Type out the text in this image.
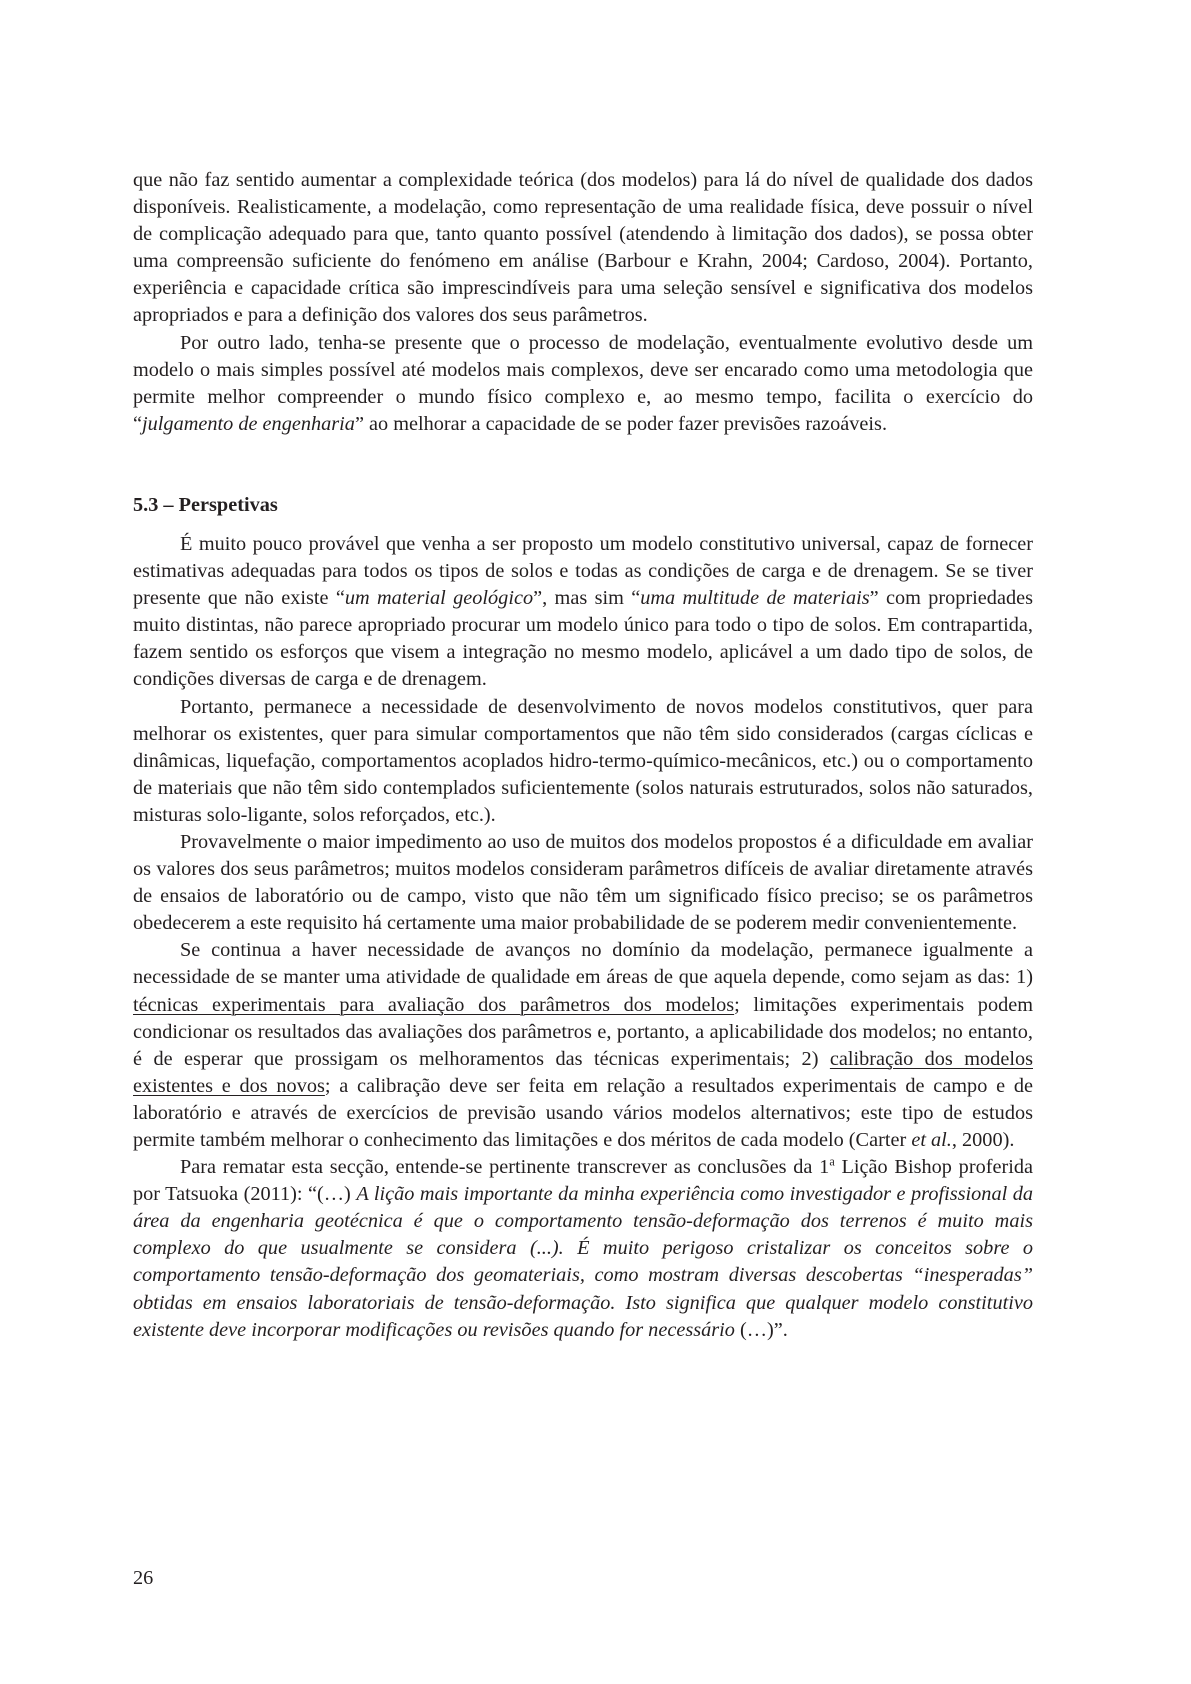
que não faz sentido aumentar a complexidade teórica (dos modelos) para lá do nível de qualidade dos dados disponíveis. Realisticamente, a modelação, como representação de uma realidade física, deve possuir o nível de complicação adequado para que, tanto quanto possível (atendendo à limitação dos dados), se possa obter uma compreensão suficiente do fenómeno em análise (Barbour e Krahn, 2004; Cardoso, 2004). Portanto, experiência e capacidade crítica são imprescindíveis para uma seleção sensível e significativa dos modelos apropriados e para a definição dos valores dos seus parâmetros.

Por outro lado, tenha-se presente que o processo de modelação, eventualmente evolutivo desde um modelo o mais simples possível até modelos mais complexos, deve ser encarado como uma metodologia que permite melhor compreender o mundo físico complexo e, ao mesmo tempo, facilita o exercício do “julgamento de engenharia” ao melhorar a capacidade de se poder fazer previsões razoáveis.

5.3 – Perspetivas

É muito pouco provável que venha a ser proposto um modelo constitutivo universal, capaz de fornecer estimativas adequadas para todos os tipos de solos e todas as condições de carga e de drenagem. Se se tiver presente que não existe “um material geológico”, mas sim “uma multitude de materiais” com propriedades muito distintas, não parece apropriado procurar um modelo único para todo o tipo de solos. Em contrapartida, fazem sentido os esforços que visem a integração no mesmo modelo, aplicável a um dado tipo de solos, de condições diversas de carga e de drenagem.

Portanto, permanece a necessidade de desenvolvimento de novos modelos constitutivos, quer para melhorar os existentes, quer para simular comportamentos que não têm sido considerados (cargas cíclicas e dinâmicas, liquefação, comportamentos acoplados hidro-termo-químico-mecânicos, etc.) ou o comportamento de materiais que não têm sido contemplados suficientemente (solos naturais estruturados, solos não saturados, misturas solo-ligante, solos reforçados, etc.).

Provavelmente o maior impedimento ao uso de muitos dos modelos propostos é a dificuldade em avaliar os valores dos seus parâmetros; muitos modelos consideram parâmetros difíceis de avaliar diretamente através de ensaios de laboratório ou de campo, visto que não têm um significado físico preciso; se os parâmetros obedecerem a este requisito há certamente uma maior probabilidade de se poderem medir convenientemente.

Se continua a haver necessidade de avanços no domínio da modelação, permanece igualmente a necessidade de se manter uma atividade de qualidade em áreas de que aquela depende, como sejam as das: 1) técnicas experimentais para avaliação dos parâmetros dos modelos; limitações experimentais podem condicionar os resultados das avaliações dos parâmetros e, portanto, a aplicabilidade dos modelos; no entanto, é de esperar que prossigam os melhoramentos das técnicas experimentais; 2) calibração dos modelos existentes e dos novos; a calibração deve ser feita em relação a resultados experimentais de campo e de laboratório e através de exercícios de previsão usando vários modelos alternativos; este tipo de estudos permite também melhorar o conhecimento das limitações e dos méritos de cada modelo (Carter et al., 2000).

Para rematar esta secção, entende-se pertinente transcrever as conclusões da 1$^a$ Lição Bishop proferida por Tatsuoka (2011): “(…) A lição mais importante da minha experiência como investigador e profissional da área da engenharia geotécnica é que o comportamento tensão-deformação dos terrenos é muito mais complexo do que usualmente se considera (...). É muito perigoso cristalizar os conceitos sobre o comportamento tensão-deformação dos geomateriais, como mostram diversas descobertas “inesperadas” obtidas em ensaios laboratoriais de tensão-deformação. Isto significa que qualquer modelo constitutivo existente deve incorporar modificações ou revisões quando for necessário (…)”.

26
